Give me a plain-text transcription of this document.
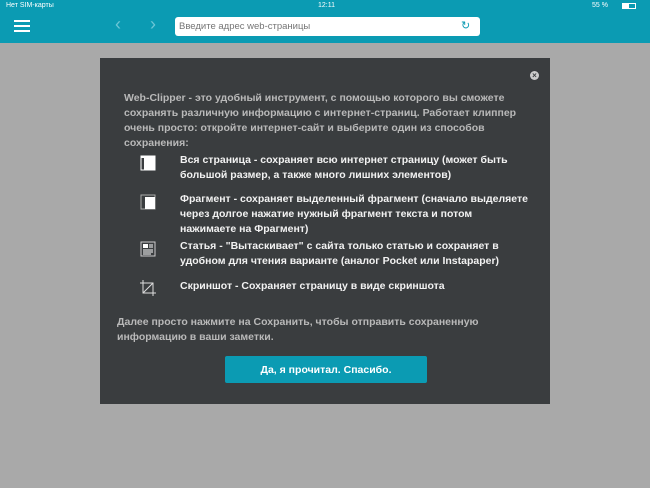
Нет SIM-карты	12:11	55 %
‹ ›
Введите адрес web-страницы	↻
×
Web-Clipper - это удобный инструмент, с помощью которого вы сможете сохранять различную информацию с интернет-страниц. Работает клиппер очень просто: откройте интернет-сайт и выберите один из способов сохранения:
Вся страница - сохраняет всю интернет страницу (может быть большой размер, а также много лишних элементов)
Фрагмент - сохраняет выделенный фрагмент (сначало выделяете через долгое нажатие нужный фрагмент текста и потом нажимаете на Фрагмент)
Статья - "Вытаскивает" с сайта только статью и сохраняет в удобном для чтения варианте (аналог Pocket или Instapaper)
Скриншот - Сохраняет страницу в виде скриншота
Далее просто нажмите на Сохранить, чтобы отправить сохраненную информацию в ваши заметки.
Да, я прочитал. Спасибо.
